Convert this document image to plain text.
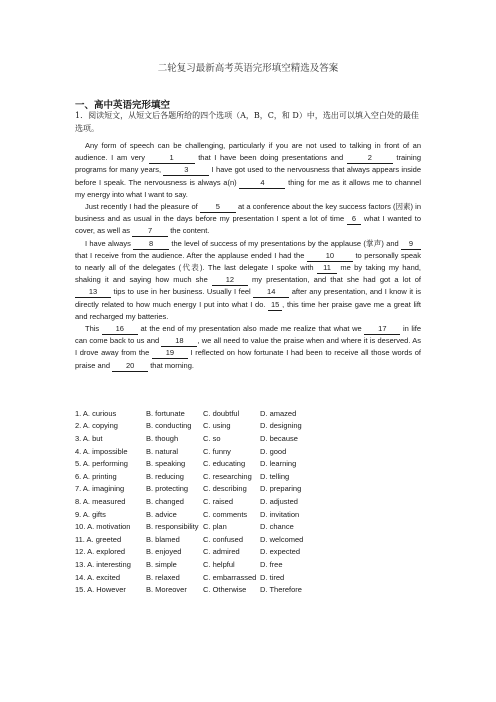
二轮复习最新高考英语完形填空精选及答案
一、高中英语完形填空
1．阅读短文，从短文后各题所给的四个选项（A，B，C，和 D）中，选出可以填入空白处的最佳选项。

Any form of speech can be challenging, particularly if you are not used to talking in front of an audience. I am very	1	that I have been doing presentations and	2	training programs for many years,	3	I have got used to the nervousness that always appears inside before I speak. The nervousness is always a(n)	4	thing for me as it allows me to channel my energy into what I want to say.

Just recently I had the pleasure of 5 at a conference about the key success factors (因素) in business and as usual in the days before my presentation I spent a lot of time 6 what I wanted to cover, as well as 7 the content.

I have always 8 the level of success of my presentations by the applause (掌声) and 9 that I receive from the audience. After the applause ended I had the	10	to personally speak to nearly all of the delegates (代表). The last delegate I spoke with 11 me by taking my hand, shaking it and saying how much she 12 my presentation, and that she had got a lot of 13 tips to use in her business. Usually I feel 14 after any presentation, and I know it is directly related to how much energy I put into what I do. 15 , this time her praise gave me a great lift and recharged my batteries.

This 16 at the end of my presentation also made me realize that what we 17 in life can come back to us and 18 , we all need to value the praise when and where it is deserved. As I drove away from the 19 I reflected on how fortunate I had been to receive all those words of praise and 20 that morning.

1. A. curious	B. fortunate	C. doubtful	D. amazed
2. A. copying	B. conducting	C. using	D. designing
3. A. but	B. though	C. so	D. because
4. A. impossible	B. natural	C. funny	D. good
5. A. performing	B. speaking	C. educating	D. learning
6. A. printing	B. reducing	C. researching	D. telling
7. A. imagining	B. protecting	C. describing	D. preparing
8. A. measured	B. changed	C. raised	D. adjusted
9. A. gifts	B. advice	C. comments	D. invitation
10. A. motivation	B. responsibility C. plan	D. chance
11. A. greeted	B. blamed	C. confused	D. welcomed
12. A. explored	B. enjoyed	C. admired	D. expected
13. A. interesting	B. simple	C. helpful	D. free
14. A. excited	B. relaxed	C. embarrassed D. tired
15. A. However	B. Moreover	C. Otherwise	D. Therefore
